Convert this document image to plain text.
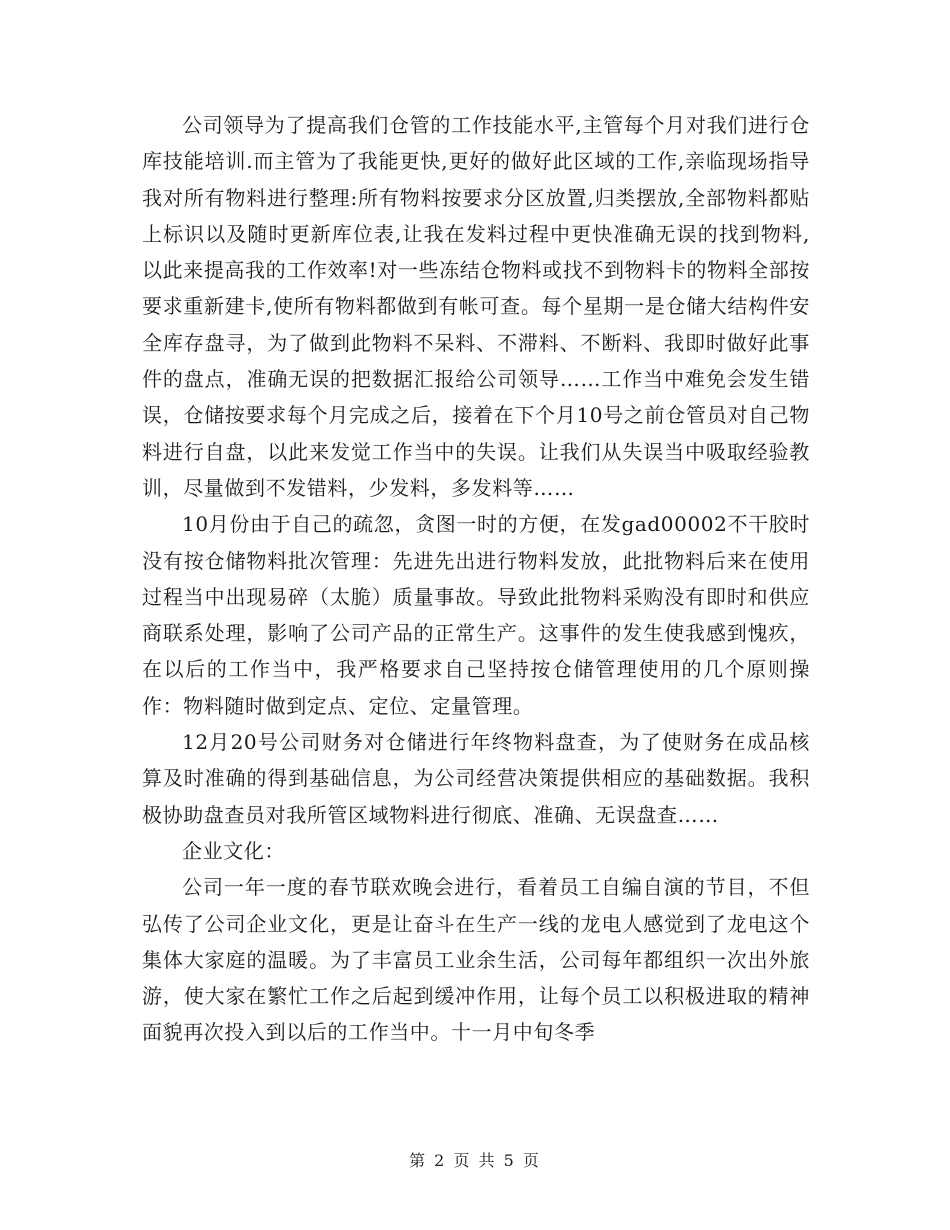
公司领导为了提高我们仓管的工作技能水平,主管每个月对我们进行仓库技能培训.而主管为了我能更快,更好的做好此区域的工作,亲临现场指导我对所有物料进行整理:所有物料按要求分区放置,归类摆放,全部物料都贴上标识以及随时更新库位表,让我在发料过程中更快准确无误的找到物料,以此来提高我的工作效率!对一些冻结仓物料或找不到物料卡的物料全部按要求重新建卡,使所有物料都做到有帐可查。每个星期一是仓储大结构件安全库存盘寻，为了做到此物料不呆料、不滞料、不断料、我即时做好此事件的盘点，准确无误的把数据汇报给公司领导……工作当中难免会发生错误，仓储按要求每个月完成之后，接着在下个月10号之前仓管员对自己物料进行自盘，以此来发觉工作当中的失误。让我们从失误当中吸取经验教训，尽量做到不发错料，少发料，多发料等……

10月份由于自己的疏忽，贪图一时的方便，在发gad00002不干胶时没有按仓储物料批次管理：先进先出进行物料发放，此批物料后来在使用过程当中出现易碎（太脆）质量事故。导致此批物料采购没有即时和供应商联系处理，影响了公司产品的正常生产。这事件的发生使我感到愧疚，在以后的工作当中，我严格要求自己坚持按仓储管理使用的几个原则操作：物料随时做到定点、定位、定量管理。

12月20号公司财务对仓储进行年终物料盘查，为了使财务在成品核算及时准确的得到基础信息，为公司经营决策提供相应的基础数据。我积极协助盘查员对我所管区域物料进行彻底、准确、无误盘查……

企业文化：

公司一年一度的春节联欢晚会进行，看着员工自编自演的节目，不但弘传了公司企业文化，更是让奋斗在生产一线的龙电人感觉到了龙电这个集体大家庭的温暖。为了丰富员工业余生活，公司每年都组织一次出外旅游，使大家在繁忙工作之后起到缓冲作用，让每个员工以积极进取的精神面貌再次投入到以后的工作当中。十一月中旬冬季

第 2 页 共 5 页
